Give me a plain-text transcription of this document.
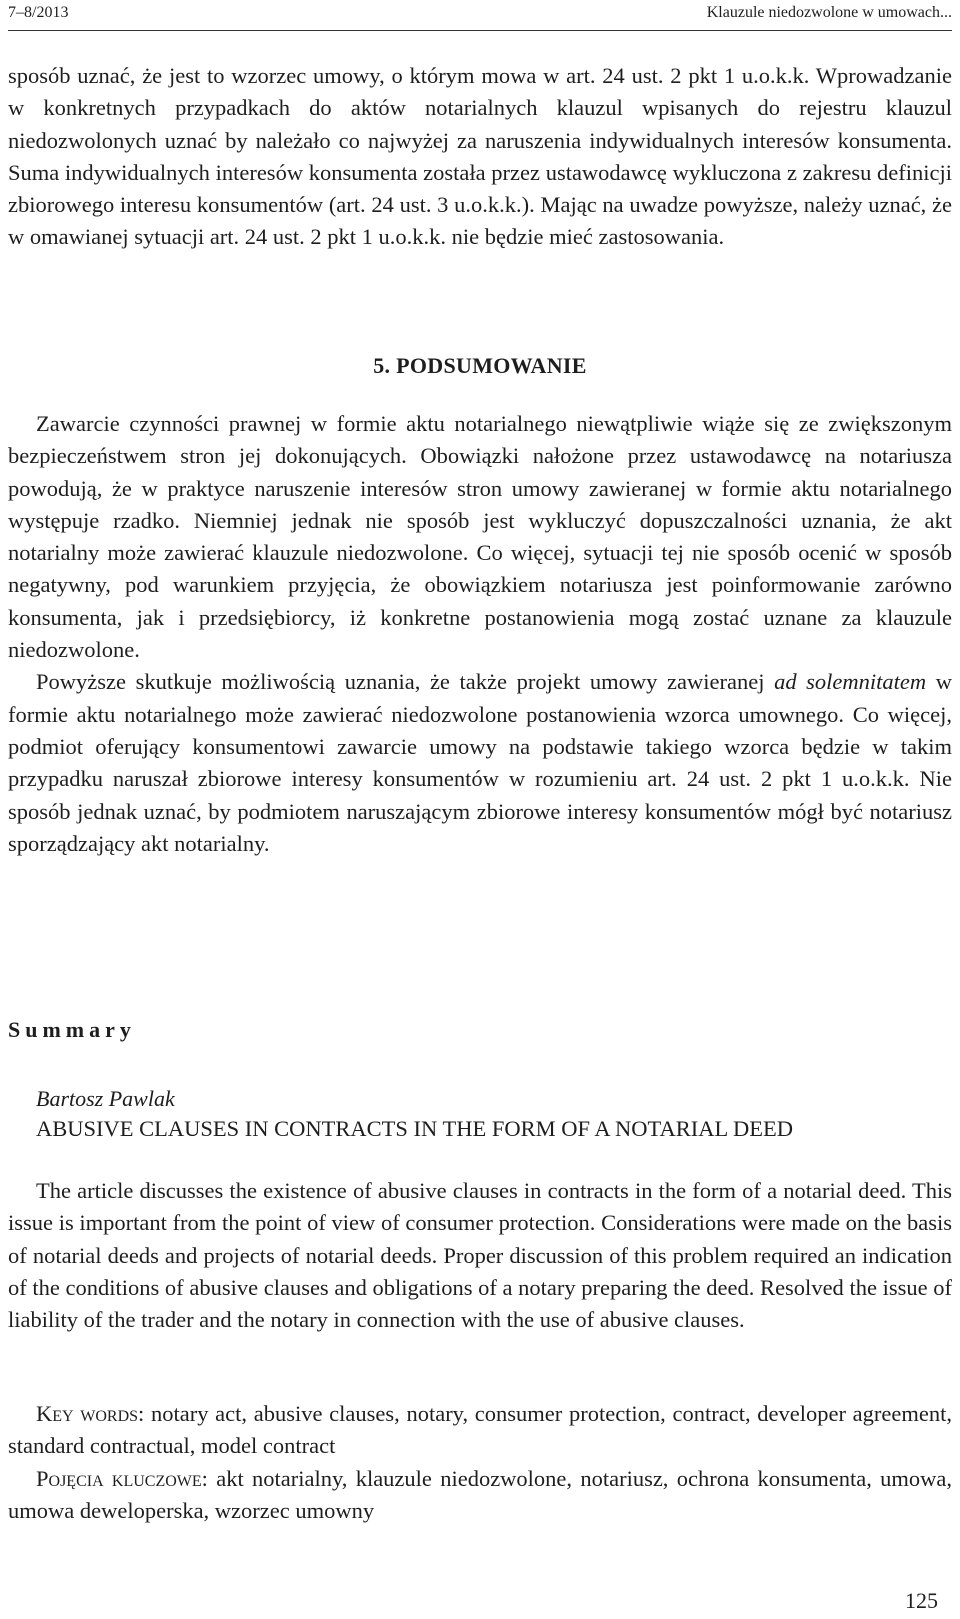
7–8/2013	Klauzule niedozwolone w umowach...

sposób uznać, że jest to wzorzec umowy, o którym mowa w art. 24 ust. 2 pkt 1 u.o.k.k. Wprowadzanie w konkretnych przypadkach do aktów notarialnych klauzul wpisanych do rejestru klauzul niedozwolonych uznać by należało co najwyżej za naruszenia indywidualnych interesów konsumenta. Suma indywidualnych interesów konsumenta została przez ustawodawcę wykluczona z zakresu definicji zbiorowego interesu konsumentów (art. 24 ust. 3 u.o.k.k.). Mając na uwadze powyższe, należy uznać, że w omawianej sytuacji art. 24 ust. 2 pkt 1 u.o.k.k. nie będzie mieć zastosowania.

5. PODSUMOWANIE

Zawarcie czynności prawnej w formie aktu notarialnego niewątpliwie wiąże się ze zwiększonym bezpieczeństwem stron jej dokonujących. Obowiązki nałożone przez ustawodawcę na notariusza powodują, że w praktyce naruszenie interesów stron umowy zawieranej w formie aktu notarialnego występuje rzadko. Niemniej jednak nie sposób jest wykluczyć dopuszczalności uznania, że akt notarialny może zawierać klauzule niedozwolone. Co więcej, sytuacji tej nie sposób ocenić w sposób negatywny, pod warunkiem przyjęcia, że obowiązkiem notariusza jest poinformowanie zarówno konsumenta, jak i przedsiębiorcy, iż konkretne postanowienia mogą zostać uznane za klauzule niedozwolone.

Powyższe skutkuje możliwością uznania, że także projekt umowy zawieranej ad solemnitatem w formie aktu notarialnego może zawierać niedozwolone postanowienia wzorca umownego. Co więcej, podmiot oferujący konsumentowi zawarcie umowy na podstawie takiego wzorca będzie w takim przypadku naruszał zbiorowe interesy konsumentów w rozumieniu art. 24 ust. 2 pkt 1 u.o.k.k. Nie sposób jednak uznać, by podmiotem naruszającym zbiorowe interesy konsumentów mógł być notariusz sporządzający akt notarialny.

Summary
Bartosz Pawlak
ABUSIVE CLAUSES IN CONTRACTS IN THE FORM OF A NOTARIAL DEED

The article discusses the existence of abusive clauses in contracts in the form of a notarial deed. This issue is important from the point of view of consumer protection. Considerations were made on the basis of notarial deeds and projects of notarial deeds. Proper discussion of this problem required an indication of the conditions of abusive clauses and obligations of a notary preparing the deed. Resolved the issue of liability of the trader and the notary in connection with the use of abusive clauses.

Key words: notary act, abusive clauses, notary, consumer protection, contract, developer agreement, standard contractual, model contract

Pojęcia kluczowe: akt notarialny, klauzule niedozwolone, notariusz, ochrona konsumenta, umowa, umowa deweloperska, wzorzec umowny

125
